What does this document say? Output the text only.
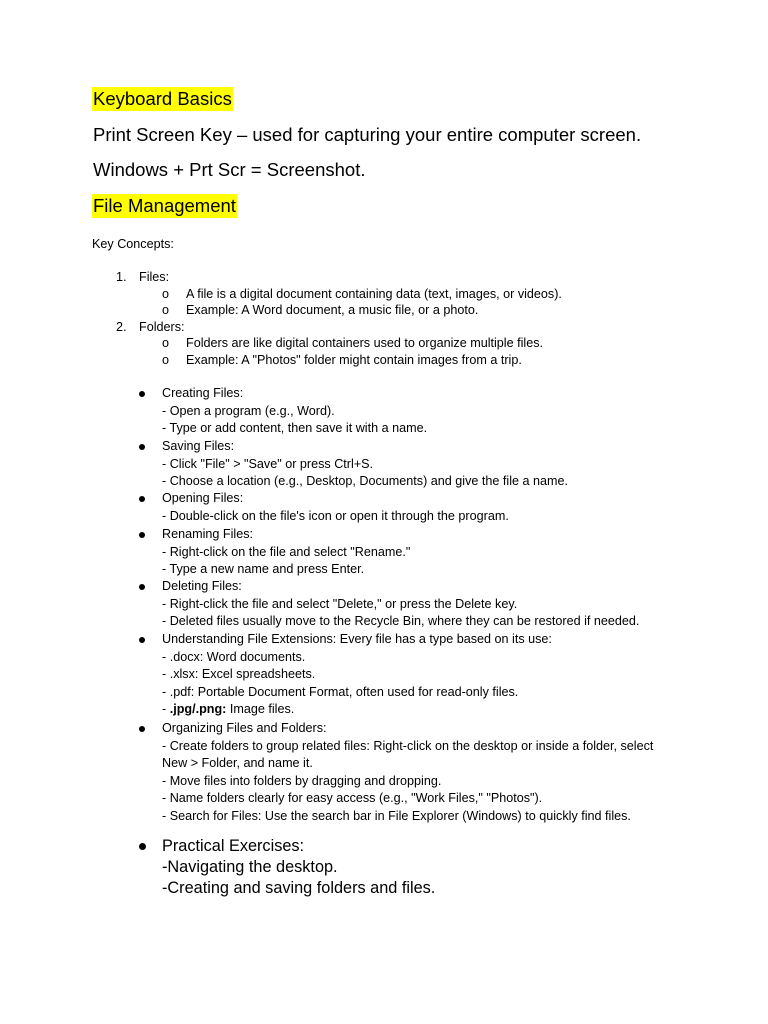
Keyboard Basics
Print Screen Key – used for capturing your entire computer screen.
Windows + Prt Scr = Screenshot.
File Management
Key Concepts:
1. Files:
o A file is a digital document containing data (text, images, or videos).
o Example: A Word document, a music file, or a photo.
2. Folders:
o Folders are like digital containers used to organize multiple files.
o Example: A "Photos" folder might contain images from a trip.
Creating Files:
- Open a program (e.g., Word).
- Type or add content, then save it with a name.
Saving Files:
- Click "File" > "Save" or press Ctrl+S.
- Choose a location (e.g., Desktop, Documents) and give the file a name.
Opening Files:
- Double-click on the file's icon or open it through the program.
Renaming Files:
- Right-click on the file and select "Rename."
- Type a new name and press Enter.
Deleting Files:
- Right-click the file and select "Delete," or press the Delete key.
- Deleted files usually move to the Recycle Bin, where they can be restored if needed.
Understanding File Extensions: Every file has a type based on its use:
- .docx: Word documents.
- .xlsx: Excel spreadsheets.
- .pdf: Portable Document Format, often used for read-only files.
- .jpg/.png: Image files.
Organizing Files and Folders:
- Create folders to group related files: Right-click on the desktop or inside a folder, select
New > Folder, and name it.
- Move files into folders by dragging and dropping.
- Name folders clearly for easy access (e.g., "Work Files," "Photos").
- Search for Files: Use the search bar in File Explorer (Windows) to quickly find files.
Practical Exercises:
-Navigating the desktop.
-Creating and saving folders and files.
